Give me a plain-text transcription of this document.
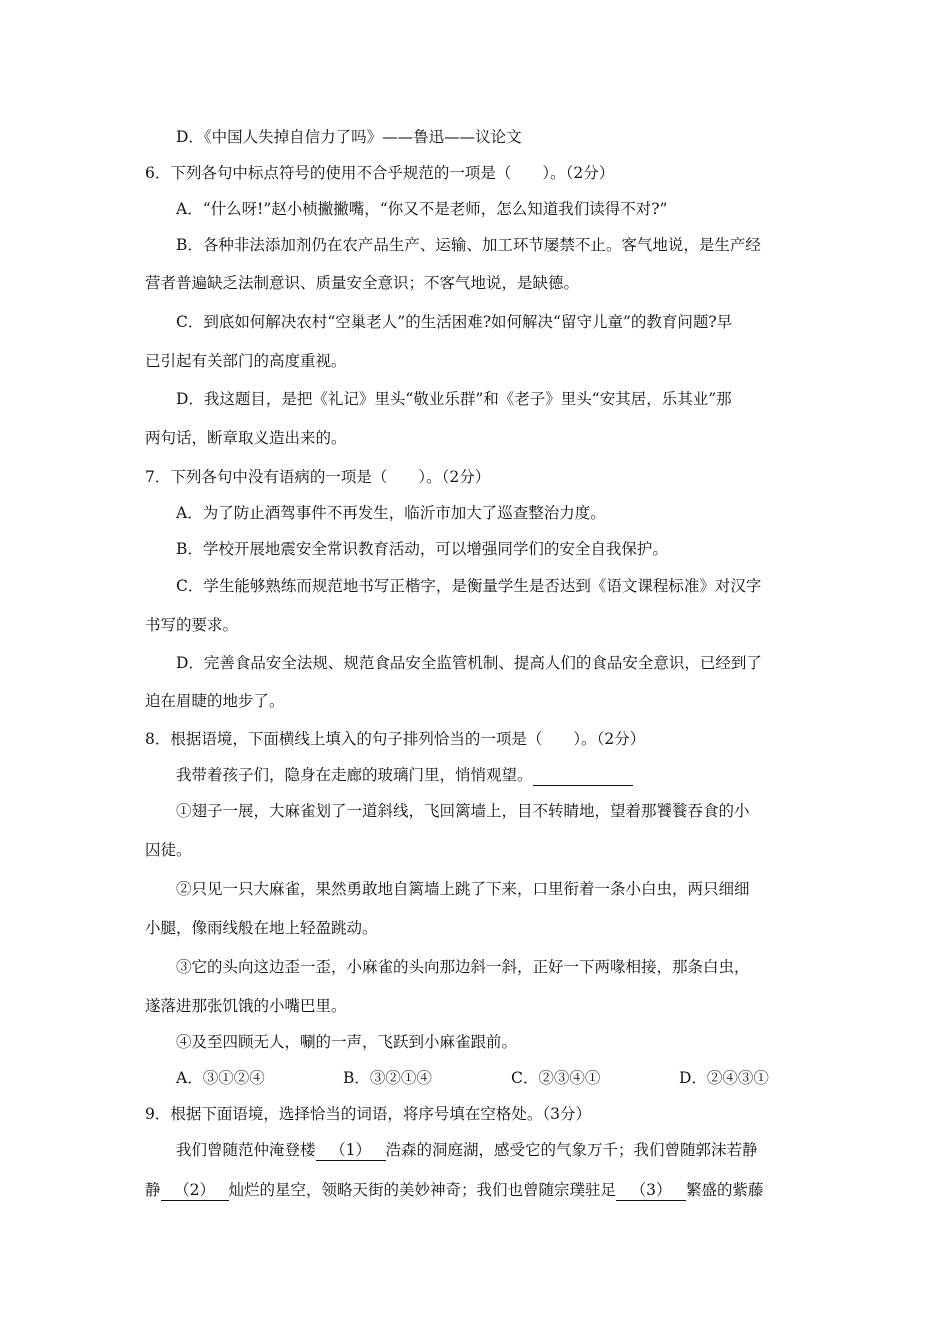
D．《中国人失掉自信力了吗》——鲁迅——议论文
6．下列各句中标点符号的使用不合乎规范的一项是（　　）。（2分）
A．“什么呀!”赵小桢撇撇嘴，“你又不是老师，怎么知道我们读得不对?”
B．各种非法添加剂仍在农产品生产、运输、加工环节屡禁不止。客气地说，是生产经
营者普遍缺乏法制意识、质量安全意识；不客气地说，是缺德。
C．到底如何解决农村“空巢老人”的生活困难?如何解决“留守儿童”的教育问题?早
已引起有关部门的高度重视。
D．我这题目，是把《礼记》里头“敬业乐群”和《老子》里头“安其居，乐其业”那
两句话，断章取义造出来的。
7．下列各句中没有语病的一项是（　　）。（2分）
A．为了防止酒驾事件不再发生，临沂市加大了巡查整治力度。
B．学校开展地震安全常识教育活动，可以增强同学们的安全自我保护。
C．学生能够熟练而规范地书写正楷字，是衡量学生是否达到《语文课程标准》对汉字
书写的要求。
D．完善食品安全法规、规范食品安全监管机制、提高人们的食品安全意识，已经到了
迫在眉睫的地步了。
8．根据语境，下面横线上填入的句子排列恰当的一项是（　　）。（2分）
我带着孩子们，隐身在走廊的玻璃门里，悄悄观望。
①翅子一展，大麻雀划了一道斜线，飞回篱墙上，目不转睛地，望着那饕餮吞食的小
囚徒。
②只见一只大麻雀，果然勇敢地自篱墙上跳了下来，口里衔着一条小白虫，两只细细
小腿，像雨线般在地上轻盈跳动。
③它的头向这边歪一歪，小麻雀的头向那边斜一斜，正好一下两喙相接，那条白虫，
遂落进那张饥饿的小嘴巴里。
④及至四顾无人，唰的一声，飞跃到小麻雀跟前。
A．③①②④	B．③②①④	C．②③④①	D．②④③①
9．根据下面语境，选择恰当的词语，将序号填在空格处。（3分）
我们曾随范仲淹登楼 （1） 浩森的洞庭湖，感受它的气象万千；我们曾随郭沫若静
静 （2） 灿烂的星空，领略天街的美妙神奇；我们也曾随宗璞驻足 （3） 繁盛的紫藤
